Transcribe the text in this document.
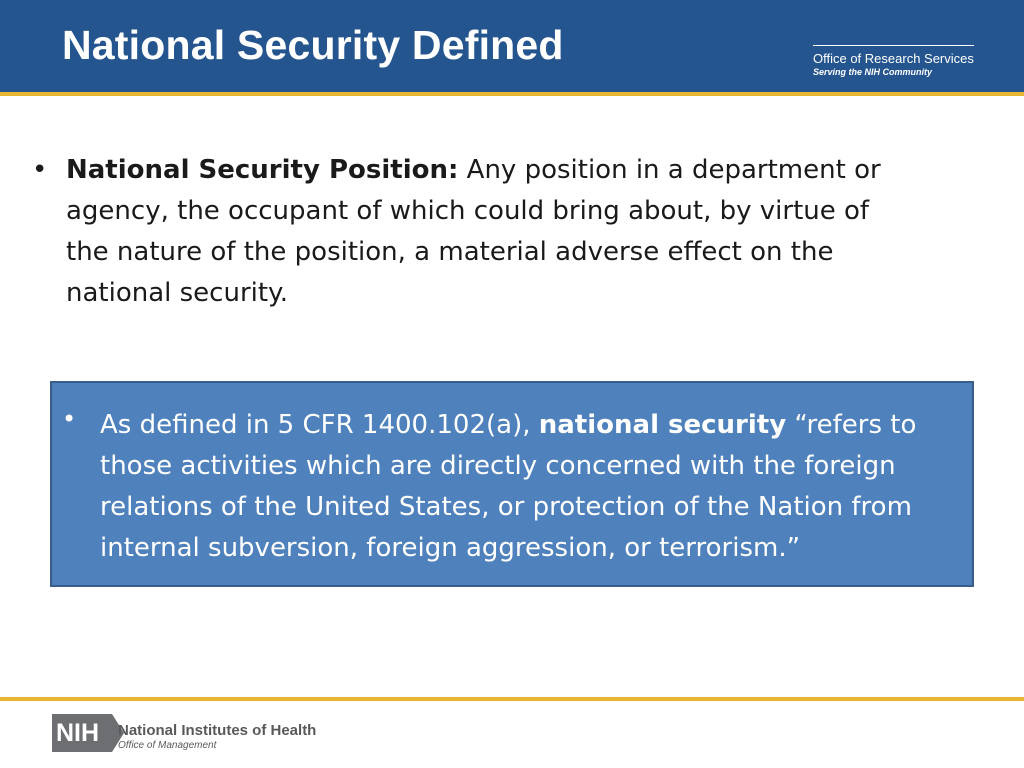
National Security Defined	Office of Research Services
Serving the NIH Community
• National Security Position: Any position in a department or agency, the occupant of which could bring about, by virtue of the nature of the position, a material adverse effect on the national security.
• As defined in 5 CFR 1400.102(a), national security “refers to those activities which are directly concerned with the foreign relations of the United States, or protection of the Nation from internal subversion, foreign aggression, or terrorism.”
NIH	National Institutes of Health
Office of Management
